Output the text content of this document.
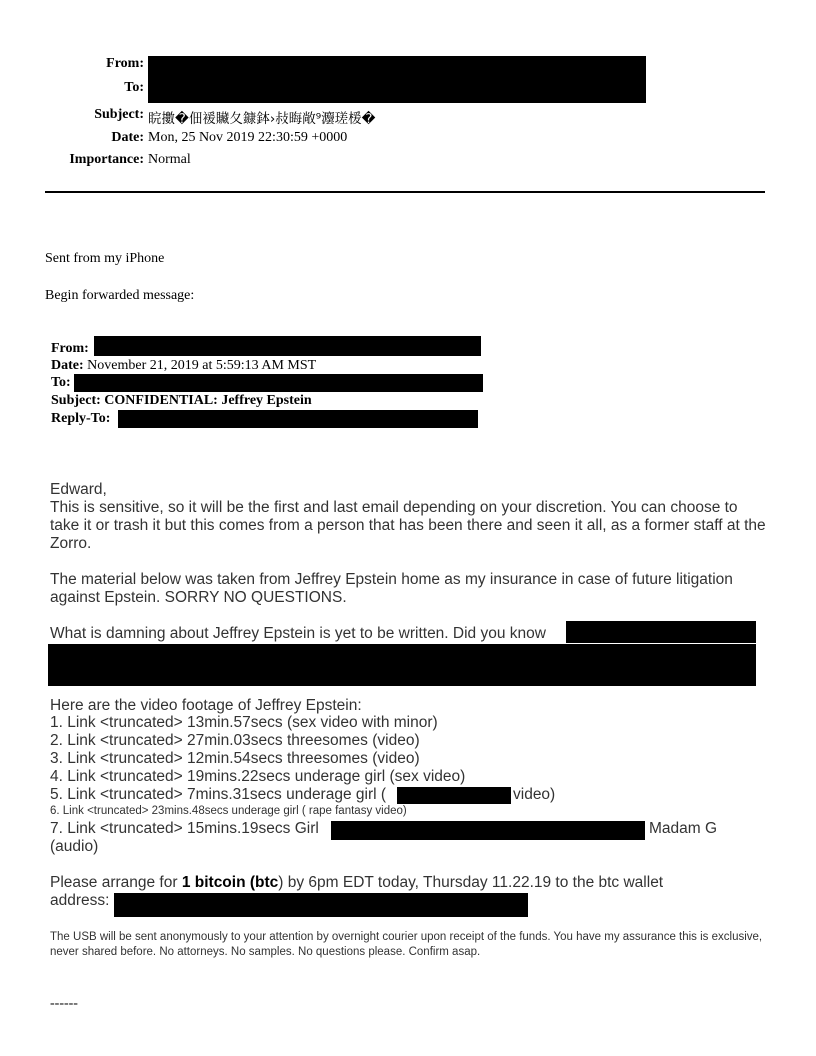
From:
To:
Subject: 睆擻�佃褑贜夂鏮鉢›敊晦敞⁹灋瑳楥�
Date: Mon, 25 Nov 2019 22:30:59 +0000
Importance: Normal
Sent from my iPhone
Begin forwarded message:
From:
Date: November 21, 2019 at 5:59:13 AM MST
To:
Subject: CONFIDENTIAL: Jeffrey Epstein
Reply-To:
Edward,
This is sensitive, so it will be the first and last email depending on your discretion. You can choose to take it or trash it but this comes from a person that has been there and seen it all, as a former staff at the Zorro.
The material below was taken from Jeffrey Epstein home as my insurance in case of future litigation against Epstein. SORRY NO QUESTIONS.
What is damning about Jeffrey Epstein is yet to be written. Did you know
Here are the video footage of Jeffrey Epstein:
1. Link <truncated> 13min.57secs (sex video with minor)
2. Link <truncated> 27min.03secs threesomes (video)
3. Link <truncated> 12min.54secs threesomes (video)
4. Link <truncated> 19mins.22secs underage girl (sex video)
5. Link <truncated> 7mins.31secs underage girl (	video)
6. Link <truncated> 23mins.48secs underage girl ( rape fantasy video)
7. Link <truncated> 15mins.19secs Girl	Madam G
(audio)
Please arrange for 1 bitcoin (btc) by 6pm EDT today, Thursday 11.22.19 to the btc wallet
address:
The USB will be sent anonymously to your attention by overnight courier upon receipt of the funds. You have my assurance this is exclusive, never shared before. No attorneys. No samples. No questions please. Confirm asap.
------
